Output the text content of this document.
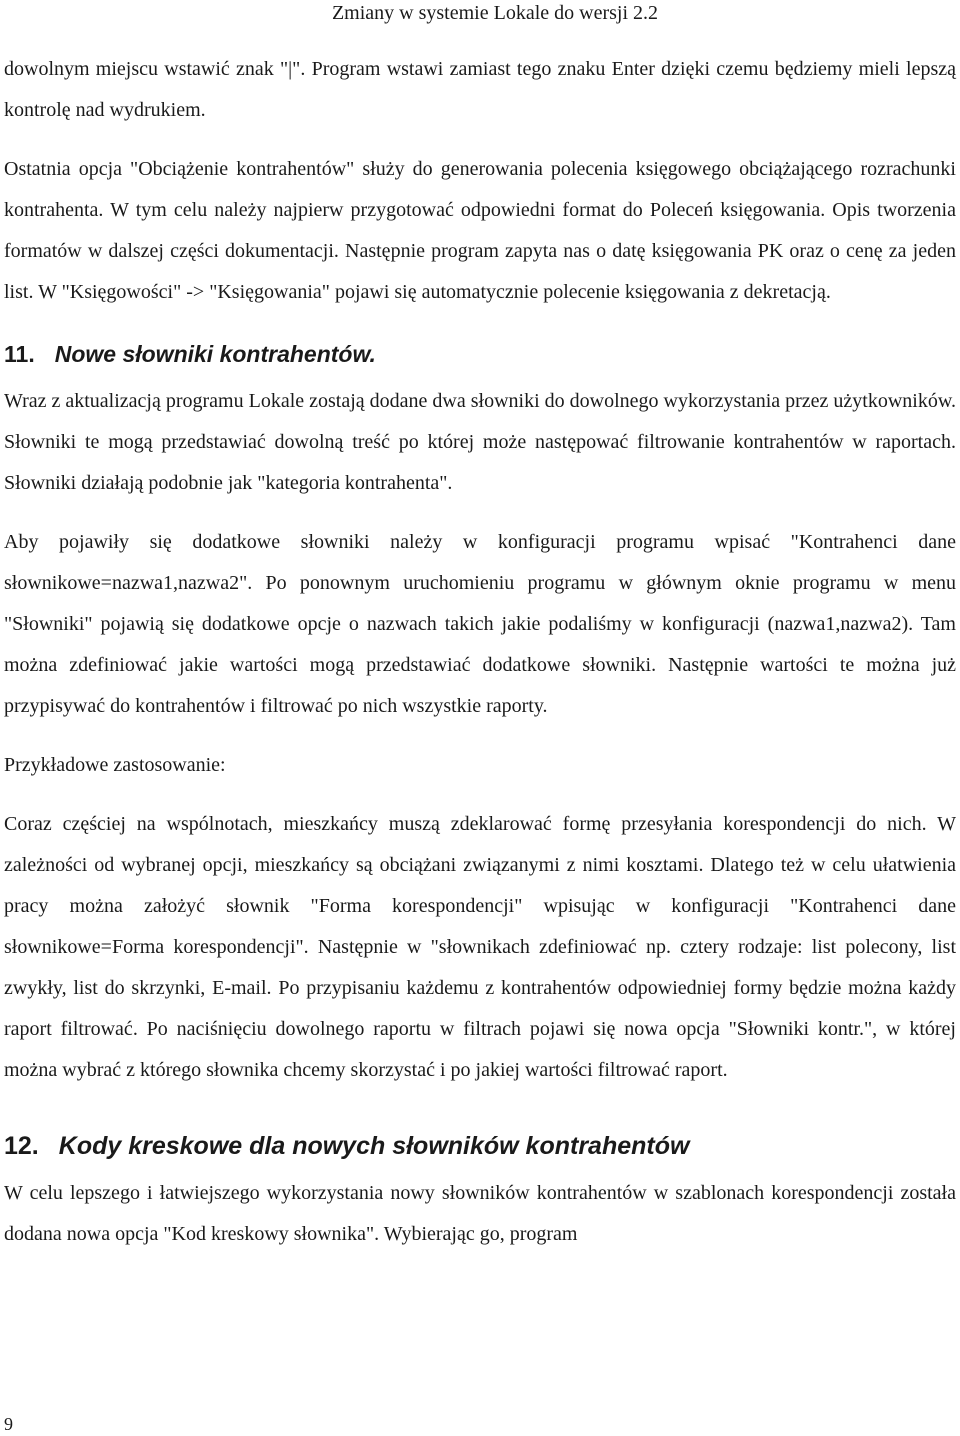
Zmiany w systemie Lokale do wersji 2.2

dowolnym miejscu wstawić znak "|". Program wstawi zamiast tego znaku Enter dzięki czemu będziemy mieli lepszą kontrolę nad wydrukiem.

Ostatnia opcja "Obciążenie kontrahentów" służy do generowania polecenia księgowego obciążającego rozrachunki kontrahenta. W tym celu należy najpierw przygotować odpowiedni format do Poleceń księgowania. Opis tworzenia formatów w dalszej części dokumentacji. Następnie program zapyta nas o datę księgowania PK oraz o cenę za jeden list. W "Księgowości" -> "Księgowania" pojawi się automatycznie polecenie księgowania z dekretacją.

11. Nowe słowniki kontrahentów.

Wraz z aktualizacją programu Lokale zostają dodane dwa słowniki do dowolnego wykorzystania przez użytkowników. Słowniki te mogą przedstawiać dowolną treść po której może następować filtrowanie kontrahentów w raportach. Słowniki działają podobnie jak "kategoria kontrahenta".

Aby pojawiły się dodatkowe słowniki należy w konfiguracji programu wpisać "Kontrahenci dane słownikowe=nazwa1,nazwa2". Po ponownym uruchomieniu programu w głównym oknie programu w menu "Słowniki" pojawią się dodatkowe opcje o nazwach takich jakie podaliśmy w konfiguracji (nazwa1,nazwa2). Tam można zdefiniować jakie wartości mogą przedstawiać dodatkowe słowniki. Następnie wartości te można już przypisywać do kontrahentów i filtrować po nich wszystkie raporty.

Przykładowe zastosowanie:

Coraz częściej na wspólnotach, mieszkańcy muszą zdeklarować formę przesyłania korespondencji do nich. W zależności od wybranej opcji, mieszkańcy są obciążani związanymi z nimi kosztami. Dlatego też w celu ułatwienia pracy można założyć słownik "Forma korespondencji" wpisując w konfiguracji "Kontrahenci dane słownikowe=Forma korespondencji". Następnie w "słownikach zdefiniować np. cztery rodzaje: list polecony, list zwykły, list do skrzynki, E-mail. Po przypisaniu każdemu z kontrahentów odpowiedniej formy będzie można każdy raport filtrować. Po naciśnięciu dowolnego raportu w filtrach pojawi się nowa opcja "Słowniki kontr.", w której można wybrać z którego słownika chcemy skorzystać i po jakiej wartości filtrować raport.

12. Kody kreskowe dla nowych słowników kontrahentów

W celu lepszego i łatwiejszego wykorzystania nowy słowników kontrahentów w szablonach korespondencji została dodana nowa opcja "Kod kreskowy słownika". Wybierając go, program

9
